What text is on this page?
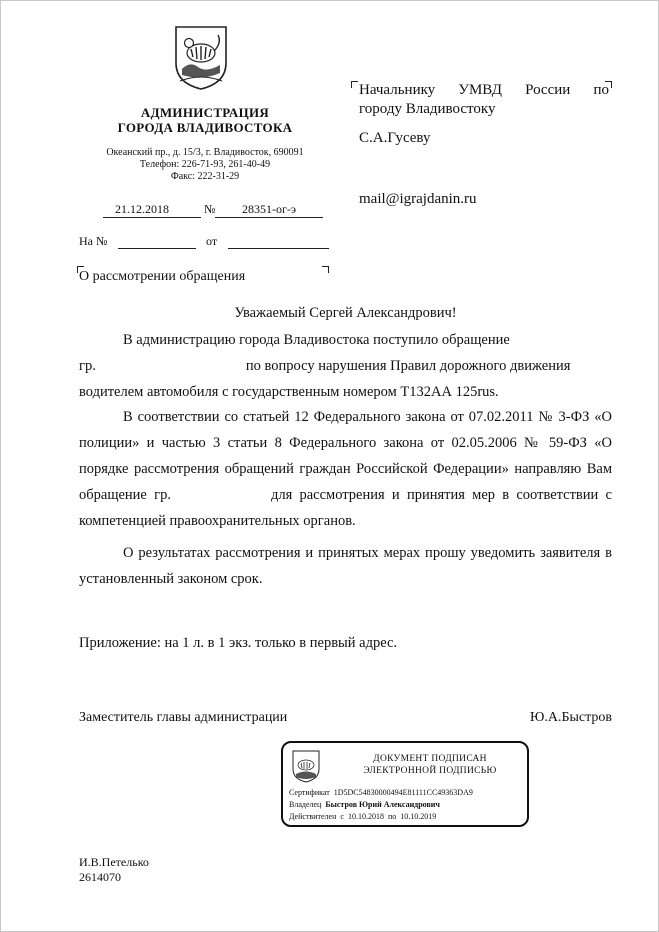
АДМИНИСТРАЦИЯ
ГОРОДА ВЛАДИВОСТОКА
Океанский пр., д. 15/3, г. Владивосток, 690091
Телефон: 226-71-93, 261-40-49
Факс: 222-31-29
21.12.2018	№	28351-ог-э
На №	от
Начальнику УМВД России по
городу Владивостоку
С.А.Гусеву
mail@igrajdanin.ru
О рассмотрении обращения
Уважаемый Сергей Александрович!

В администрацию города Владивостока поступило обращение

гр.	по вопросу нарушения Правил дорожного движения

водителем автомобиля с государственным номером Т132АА 125rus.

В соответствии со статьей 12 Федерального закона от 07.02.2011 № 3-ФЗ «О полиции» и частью 3 статьи 8 Федерального закона от 02.05.2006 № 59-ФЗ «О порядке рассмотрения обращений граждан Российской Федерации» направляю Вам обращение гр.	для рассмотрения и принятия мер в соответствии с компетенцией правоохранительных органов.

О результатах рассмотрения и принятых мерах прошу уведомить заявителя в установленный законом срок.

Приложение: на 1 л. в 1 экз. только в первый адрес.
Заместитель главы администрации	Ю.А.Быстров
ДОКУМЕНТ ПОДПИСАН
ЭЛЕКТРОННОЙ ПОДПИСЬЮ
Сертификат 1D5DC54830000494E81111CC49363DA9
Владелец Быстров Юрий Александрович
Действителен с 10.10.2018 по 10.10.2019
И.В.Петелько
2614070
